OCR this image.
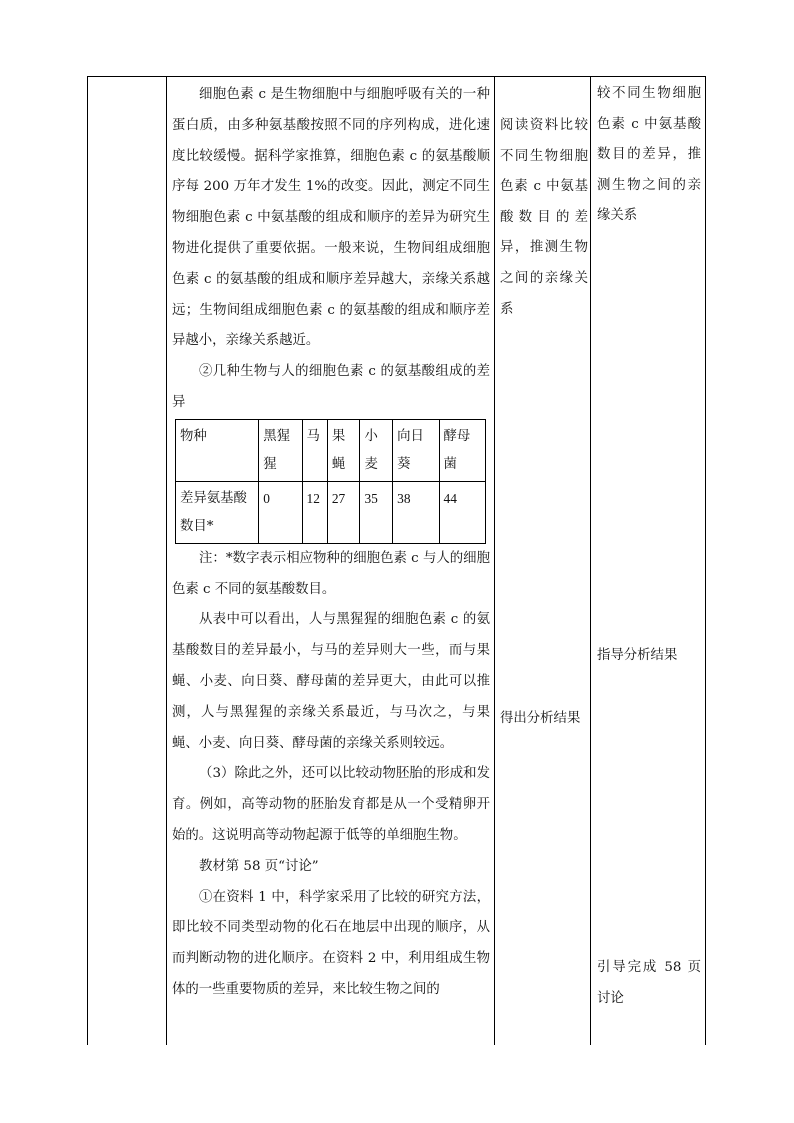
细胞色素 c 是生物细胞中与细胞呼吸有关的一种蛋白质，由多种氨基酸按照不同的序列构成，进化速度比较缓慢。据科学家推算，细胞色素 c 的氨基酸顺序每 200 万年才发生 1%的改变。因此，测定不同生物细胞色素 c 中氨基酸的组成和顺序的差异为研究生物进化提供了重要依据。一般来说，生物间组成细胞色素 c 的氨基酸的组成和顺序差异越大，亲缘关系越远；生物间组成细胞色素 c 的氨基酸的组成和顺序差异越小，亲缘关系越近。

②几种生物与人的细胞色素 c 的氨基酸组成的差异

物种	黑猩猩	马	果蝇	小麦	向日葵	酵母菌
差异氨基酸数目*	0	12	27	35	38	44

注：*数字表示相应物种的细胞色素 c 与人的细胞色素 c 不同的氨基酸数目。

从表中可以看出，人与黑猩猩的细胞色素 c 的氨基酸数目的差异最小，与马的差异则大一些，而与果蝇、小麦、向日葵、酵母菌的差异更大，由此可以推测，人与黑猩猩的亲缘关系最近，与马次之，与果蝇、小麦、向日葵、酵母菌的亲缘关系则较远。

（3）除此之外，还可以比较动物胚胎的形成和发育。例如，高等动物的胚胎发育都是从一个受精卵开始的。这说明高等动物起源于低等的单细胞生物。

教材第 58 页“讨论”

①在资料 1 中，科学家采用了比较的研究方法，即比较不同类型动物的化石在地层中出现的顺序，从而判断动物的进化顺序。在资料 2 中，利用组成生物体的一些重要物质的差异，来比较生物之间的

阅读资料比较不同生物细胞色素 c 中氨基酸数目的差异，推测生物之间的亲缘关系

得出分析结果

较不同生物细胞色素 c 中氨基酸数目的差异，推测生物之间的亲缘关系

指导分析结果

引导完成 58 页讨论
